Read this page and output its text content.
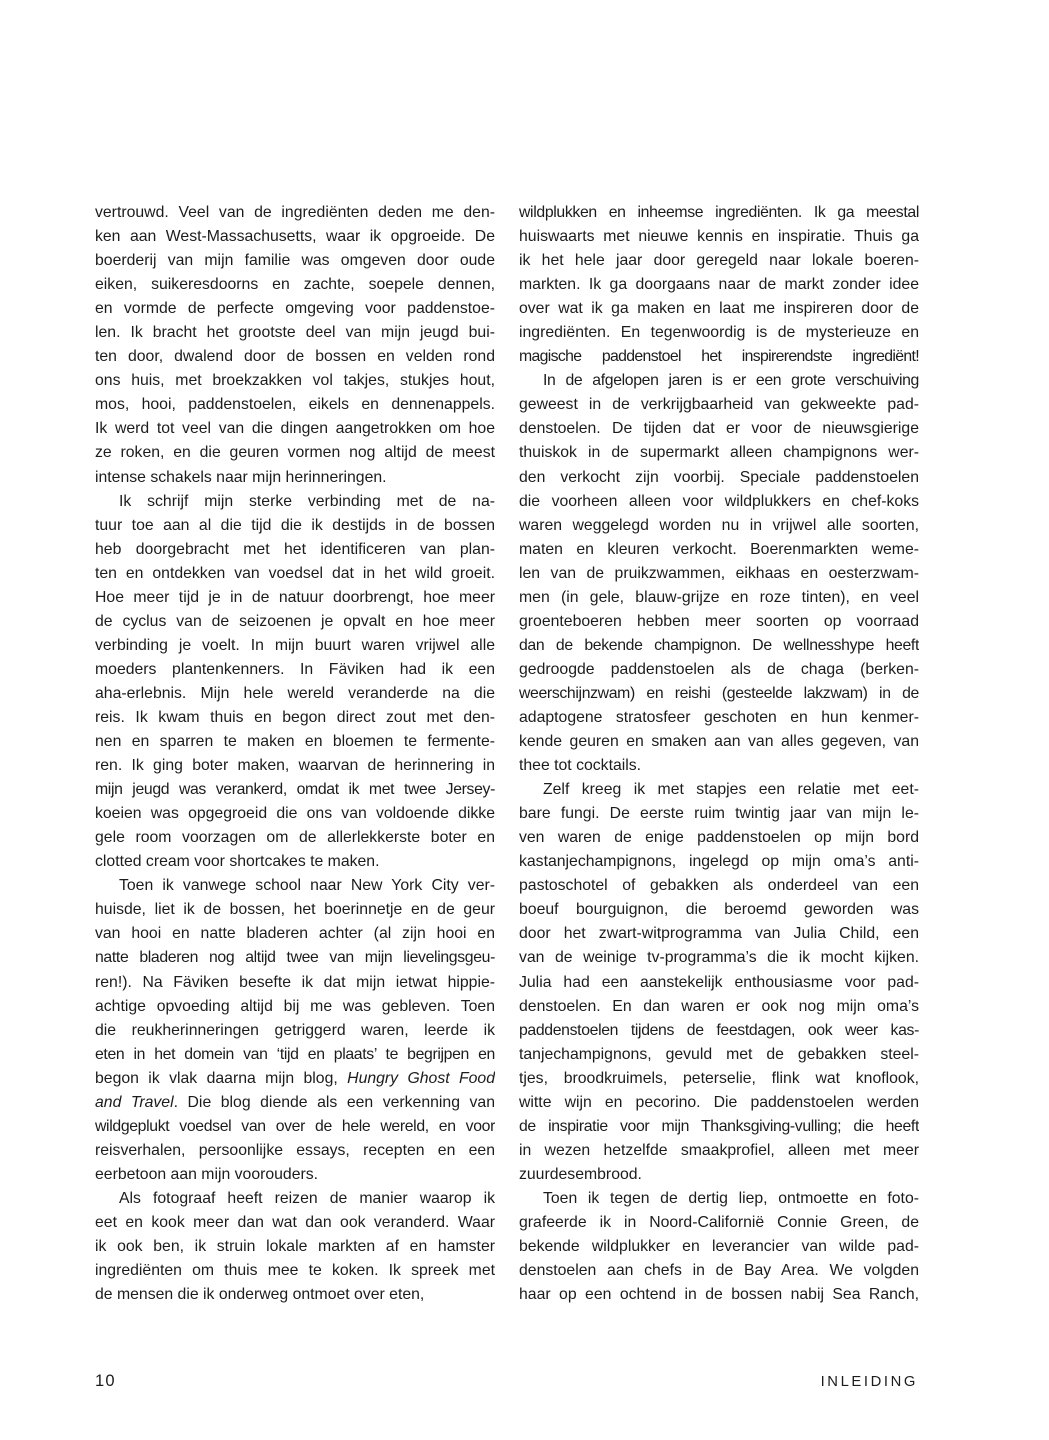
vertrouwd. Veel van de ingrediënten deden me den-
ken aan West-Massachusetts, waar ik opgroeide. De
boerderij van mijn familie was omgeven door oude
eiken, suikeresdoorns en zachte, soepele dennen,
en vormde de perfecte omgeving voor paddenstoe-
len. Ik bracht het grootste deel van mijn jeugd bui-
ten door, dwalend door de bossen en velden rond
ons huis, met broekzakken vol takjes, stukjes hout,
mos, hooi, paddenstoelen, eikels en dennenappels.
Ik werd tot veel van die dingen aangetrokken om hoe
ze roken, en die geuren vormen nog altijd de meest
intense schakels naar mijn herinneringen.
Ik schrijf mijn sterke verbinding met de na-
tuur toe aan al die tijd die ik destijds in de bossen
heb doorgebracht met het identificeren van plan-
ten en ontdekken van voedsel dat in het wild groeit.
Hoe meer tijd je in de natuur doorbrengt, hoe meer
de cyclus van de seizoenen je opvalt en hoe meer
verbinding je voelt. In mijn buurt waren vrijwel alle
moeders plantenkenners. In Fäviken had ik een
aha-erlebnis. Mijn hele wereld veranderde na die
reis. Ik kwam thuis en begon direct zout met den-
nen en sparren te maken en bloemen te fermente-
ren. Ik ging boter maken, waarvan de herinnering in
mijn jeugd was verankerd, omdat ik met twee Jersey-
koeien was opgegroeid die ons van voldoende dikke
gele room voorzagen om de allerlekkerste boter en
clotted cream voor shortcakes te maken.
Toen ik vanwege school naar New York City ver-
huisde, liet ik de bossen, het boerinnetje en de geur
van hooi en natte bladeren achter (al zijn hooi en
natte bladeren nog altijd twee van mijn lievelingsgeu-
ren!). Na Fäviken besefte ik dat mijn ietwat hippie-
achtige opvoeding altijd bij me was gebleven. Toen
die reukherinneringen getriggerd waren, leerde ik
eten in het domein van ‘tijd en plaats’ te begrijpen en
begon ik vlak daarna mijn blog, Hungry Ghost Food
and Travel. Die blog diende als een verkenning van
wildgeplukt voedsel van over de hele wereld, en voor
reisverhalen, persoonlijke essays, recepten en een
eerbetoon aan mijn voorouders.
Als fotograaf heeft reizen de manier waarop ik
eet en kook meer dan wat dan ook veranderd. Waar
ik ook ben, ik struin lokale markten af en hamster
ingrediënten om thuis mee te koken. Ik spreek met
de mensen die ik onderweg ontmoet over eten,
wildplukken en inheemse ingrediënten. Ik ga meestal
huiswaarts met nieuwe kennis en inspiratie. Thuis ga
ik het hele jaar door geregeld naar lokale boeren-
markten. Ik ga doorgaans naar de markt zonder idee
over wat ik ga maken en laat me inspireren door de
ingrediënten. En tegenwoordig is de mysterieuze en
magische paddenstoel het inspirerendste ingrediënt!
In de afgelopen jaren is er een grote verschuiving
geweest in de verkrijgbaarheid van gekweekte pad-
denstoelen. De tijden dat er voor de nieuwsgierige
thuiskok in de supermarkt alleen champignons wer-
den verkocht zijn voorbij. Speciale paddenstoelen
die voorheen alleen voor wildplukkers en chef-koks
waren weggelegd worden nu in vrijwel alle soorten,
maten en kleuren verkocht. Boerenmarkten weme-
len van de pruikzwammen, eikhaas en oesterzwam-
men (in gele, blauw-grijze en roze tinten), en veel
groenteboeren hebben meer soorten op voorraad
dan de bekende champignon. De wellnesshype heeft
gedroogde paddenstoelen als de chaga (berken-
weerschijnzwam) en reishi (gesteelde lakzwam) in de
adaptogene stratosfeer geschoten en hun kenmer-
kende geuren en smaken aan van alles gegeven, van
thee tot cocktails.
Zelf kreeg ik met stapjes een relatie met eet-
bare fungi. De eerste ruim twintig jaar van mijn le-
ven waren de enige paddenstoelen op mijn bord
kastanjechampignons, ingelegd op mijn oma’s anti-
pastoschotel of gebakken als onderdeel van een
boeuf bourguignon, die beroemd geworden was
door het zwart-witprogramma van Julia Child, een
van de weinige tv-programma’s die ik mocht kijken.
Julia had een aanstekelijk enthousiasme voor pad-
denstoelen. En dan waren er ook nog mijn oma’s
paddenstoelen tijdens de feestdagen, ook weer kas-
tanjechampignons, gevuld met de gebakken steel-
tjes, broodkruimels, peterselie, flink wat knoflook,
witte wijn en pecorino. Die paddenstoelen werden
de inspiratie voor mijn Thanksgiving-vulling; die heeft
in wezen hetzelfde smaakprofiel, alleen met meer
zuurdesembrood.
Toen ik tegen de dertig liep, ontmoette en foto-
grafeerde ik in Noord-Californië Connie Green, de
bekende wildplukker en leverancier van wilde pad-
denstoelen aan chefs in de Bay Area. We volgden
haar op een ochtend in de bossen nabij Sea Ranch,
10	INLEIDING
